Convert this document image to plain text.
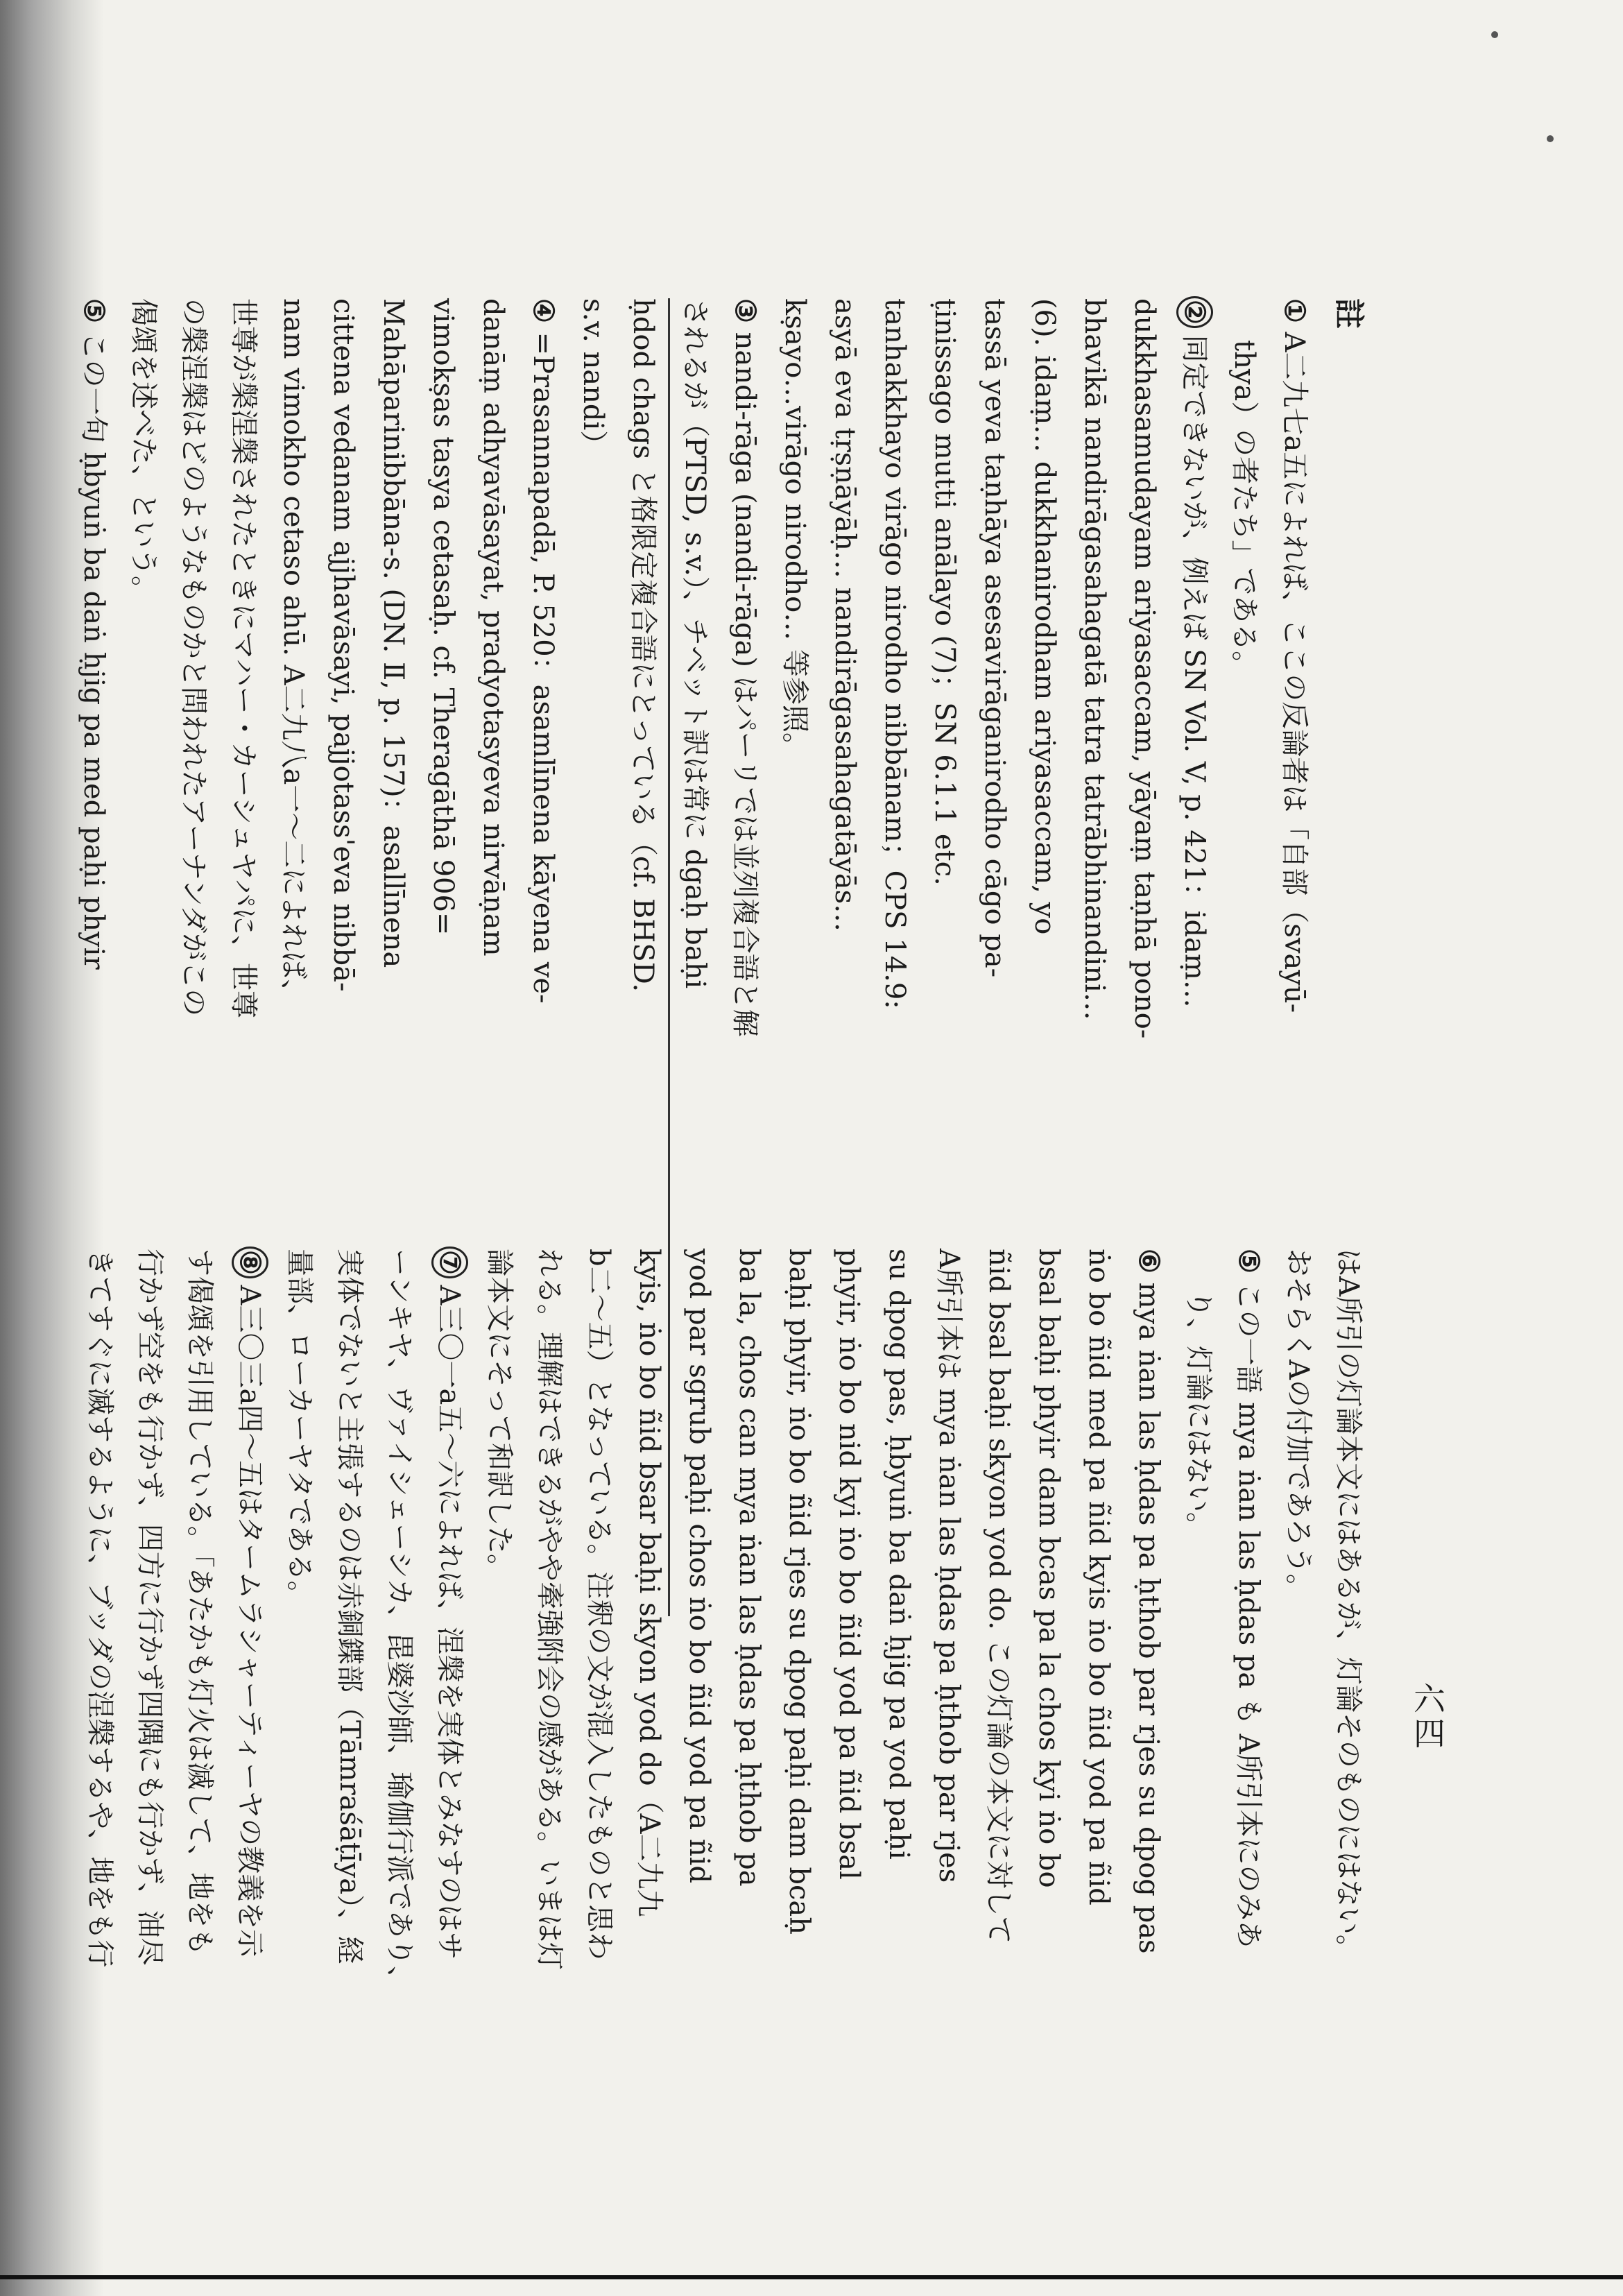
六四
註
① A二九七a五によれば、ここの反論者は「自部（svayū-
thya）の者たち」である。
② 同定できないが、例えば SN Vol. V, p. 421：idaṃ…
dukkhasamudayam ariyasaccam, yāyaṃ taṇhā pono-
bhavikā nandirāgasahagatā tatra tatrābhinandini…
(6). idaṃ… dukkhanirodham ariyasaccam, yo
tassā yeva taṇhāya asesavirāganirodho cāgo pa-
ṭinissago mutti anālayo (7)；SN 6.1.1 etc.
tanhakkhayo virāgo nirodho nibbānam；CPS 14.9:
asyā eva tṛṣṇāyāḥ… nandirāgasahagatāyās…
kṣayo…virāgo nirodho… 等参照。
③ nandi-rāga (nandi-rāga) はパーリでは並列複合語と解
されるが（PTSD, s.v.）、チベット訳は常に dgaḥ baḥi
ḥdod chags と格限定複合語にとっている（cf. BHSD.
s.v. nandi）
④ =Prasannapadā, P. 520：asamlīnena kāyena ve-
danāṃ adhyavāsayat, pradyotasyeva nirvāṇam
vimokṣas tasya cetasaḥ. cf. Theragāthā 906=
Mahāparinibbāna-s. (DN. Ⅱ, p. 157)：asallīnena
cittena vedanam ajjhavāsayi, pajjotass'eva nibbā-
nam vimokho cetaso ahū. A二九八a一〜二によれば、
世尊が槃涅槃されたときにマハー・カーシュヤパに、世尊
の槃涅槃はどのようなものかと問われたアーナンダがこの
偈頌を述べた、という。
⑤ この一句 ḥbyuṅ ba daṅ ḥjig pa med paḥi phyir
はA所引の灯論本文にはあるが、灯論そのものにはない。
おそらくAの付加であろう。
⑤ この一語 mya ṅan las ḥdas pa も A所引本にのみあ
り、灯論にはない。
⑥ mya ṅan las ḥdas pa ḥthob par rjes su dpog pas
ṅo bo ñid med pa ñid kyis ṅo bo ñid yod pa ñid
bsal baḥi phyir dam bcas pa la chos kyi ṅo bo
ñid bsal baḥi skyon yod do. この灯論の本文に対して
A所引本は mya ṅan las ḥdas pa ḥthob par rjes
su dpog pas, ḥbyuṅ ba daṅ ḥjig pa yod paḥi
phyir, ṅo bo nid kyi ṅo bo ñid yod pa ñid bsal
baḥi phyir, ṅo bo ñid rjes su dpog paḥi dam bcaḥ
ba la, chos can mya ṅan las ḥdas pa ḥthob pa
yod par sgrub paḥi chos ṅo bo ñid yod pa ñid
kyis, ṅo bo ñid bsar baḥi skyon yod do（A二九九
b二〜五）となっている。注釈の文が混入したものと思わ
れる。理解はできるがやや牽強附会の感がある。いまは灯
論本文にそって和訳した。
⑦ A三〇一a五〜六によれば、涅槃を実体とみなすのはサ
ーンキヤ、ヴァイシェーシカ、毘婆沙師、瑜伽行派であり、
実体でないと主張するのは赤銅鍱部（Tāmraśāṭīya）、経
量部、ローカーヤタである。
⑧ A三〇三a四〜五はタームラシャーティーヤの教義を示
す偈頌を引用している。「あたかも灯火は滅して、地をも
行かず空をも行かず、四方に行かず四隅にも行かず、油尽
きてすぐに滅するように、ブッダの涅槃するや、地をも行
